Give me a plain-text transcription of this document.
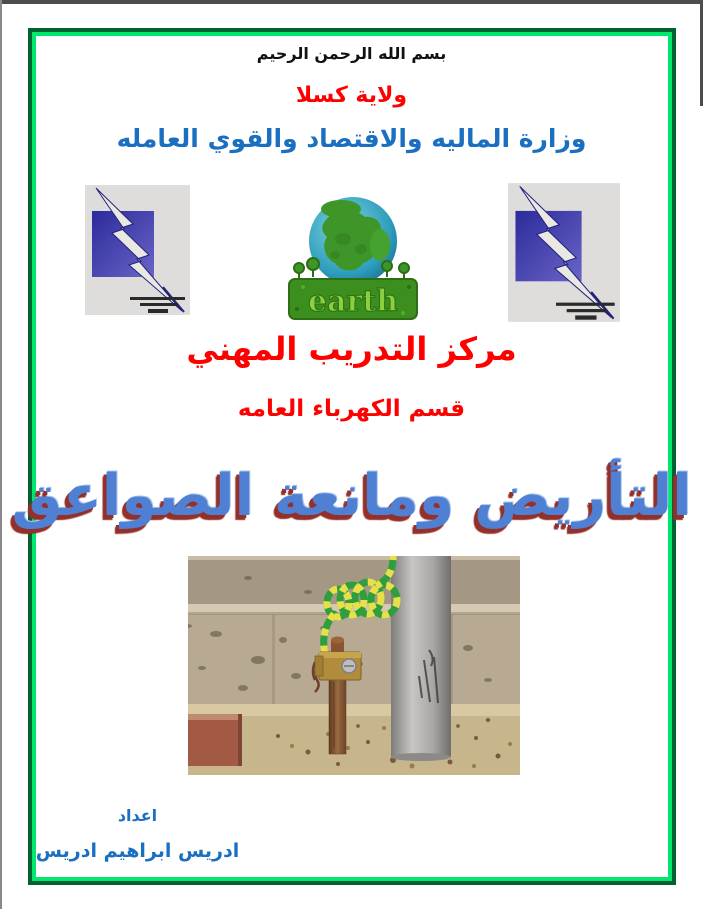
بسم الله الرحمن الرحيم
ولاية كسلا
وزارة الماليه والاقتصاد والقوي العامله
earth
مركز التدريب المهني
قسم الكهرباء العامه
التأريض ومانعة الصواعق
اعداد
ادريس ابراهيم ادريس
